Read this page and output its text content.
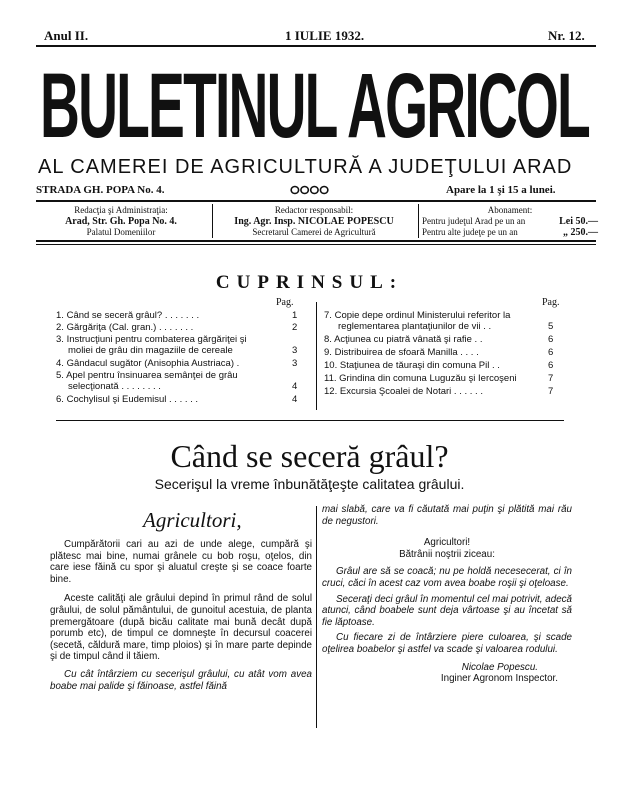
Anul II.	1 IULIE 1932.	Nr. 12.
BULETINUL AGRICOL
AL CAMEREI DE AGRICULTURĂ A JUDEŢULUI ARAD
STRADA GH. POPA No. 4.	ⵔⵔⵔⵔ	Apare la 1 şi 15 a lunei.
Redacţia şi Administraţia:
Arad, Str. Gh. Popa No. 4.
Palatul Domeniilor
Redactor responsabil:
Ing. Agr. Insp. NICOLAE POPESCU
Secretarul Camerei de Agricultură
Abonament:
Pentru judeţul Arad pe un an	Lei 50.—
Pentru alte judeţe pe un an	„ 250.—
CUPRINSUL:
Pag.	Pag.
1. Când se seceră grâul? . . . . . . .	1
2. Gărgăriţa (Cal. gran.) . . . . . . .	2
3. Instrucţiuni pentru combaterea gărgăriţei şi
moliei de grâu din magaziile de cereale	3
4. Gândacul sugător (Anisophia Austriaca) .	3
5. Apel pentru însinuarea semânţei de grâu
selecţionată . . . . . . . .	4
6. Cochylisul şi Eudemisul . . . . . .	4
7. Copie depe ordinul Ministerului referitor la
reglementarea plantaţiunilor de vii . .	5
8. Acţiunea cu piatră vânată şi rafie . .	6
9. Distribuirea de sfoară Manilla . . . .	6
10. Staţiunea de tăuraşi din comuna Pil . .	6
11. Grindina din comuna Luguzău şi Iercoşeni	7
12. Excursia Şcoalei de Notari . . . . . .	7
Când se seceră grâul?
Secerişul la vreme înbunătăţeşte calitatea grâului.
Agricultori,

Cumpărătorii cari au azi de unde alege, cumpără şi plătesc mai bine, numai grânele cu bob roşu, oţelos, din care iese făină cu spor şi aluatul creşte şi se coace foarte bine.

Aceste calităţi ale grâului depind în primul rând de solul grâului, de solul pământului, de gunoitul acestuia, de planta premergătoare (după bicău calitate mai bună decât după porumb etc), de timpul ce domneşte în decursul coacerei (secetă, căldură mare, timp ploios) şi în mare parte depinde şi de timpul când il tăiem.

Cu cât întârziem cu secerişul grâului, cu atât vom avea boabe mai palide şi făinoase, astfel făină

mai slabă, care va fi căutată mai puţin şi plătită mai rău de negustori.

Agricultori!

Bătrânii noştrii ziceau:

Grâul are să se coacă; nu pe holdă necesecerat, ci în cruci, căci în acest caz vom avea boabe roşii şi oţeloase.

Seceraţi deci grâul în momentul cel mai potrivit, adecă atunci, când boabele sunt deja vârtoase şi au încetat să fie lăptoase.

Cu fiecare zi de întârziere piere culoarea, şi scade oţelirea boabelor şi astfel va scade şi valoarea rodului.

Nicolae Popescu.
Inginer Agronom Inspector.
